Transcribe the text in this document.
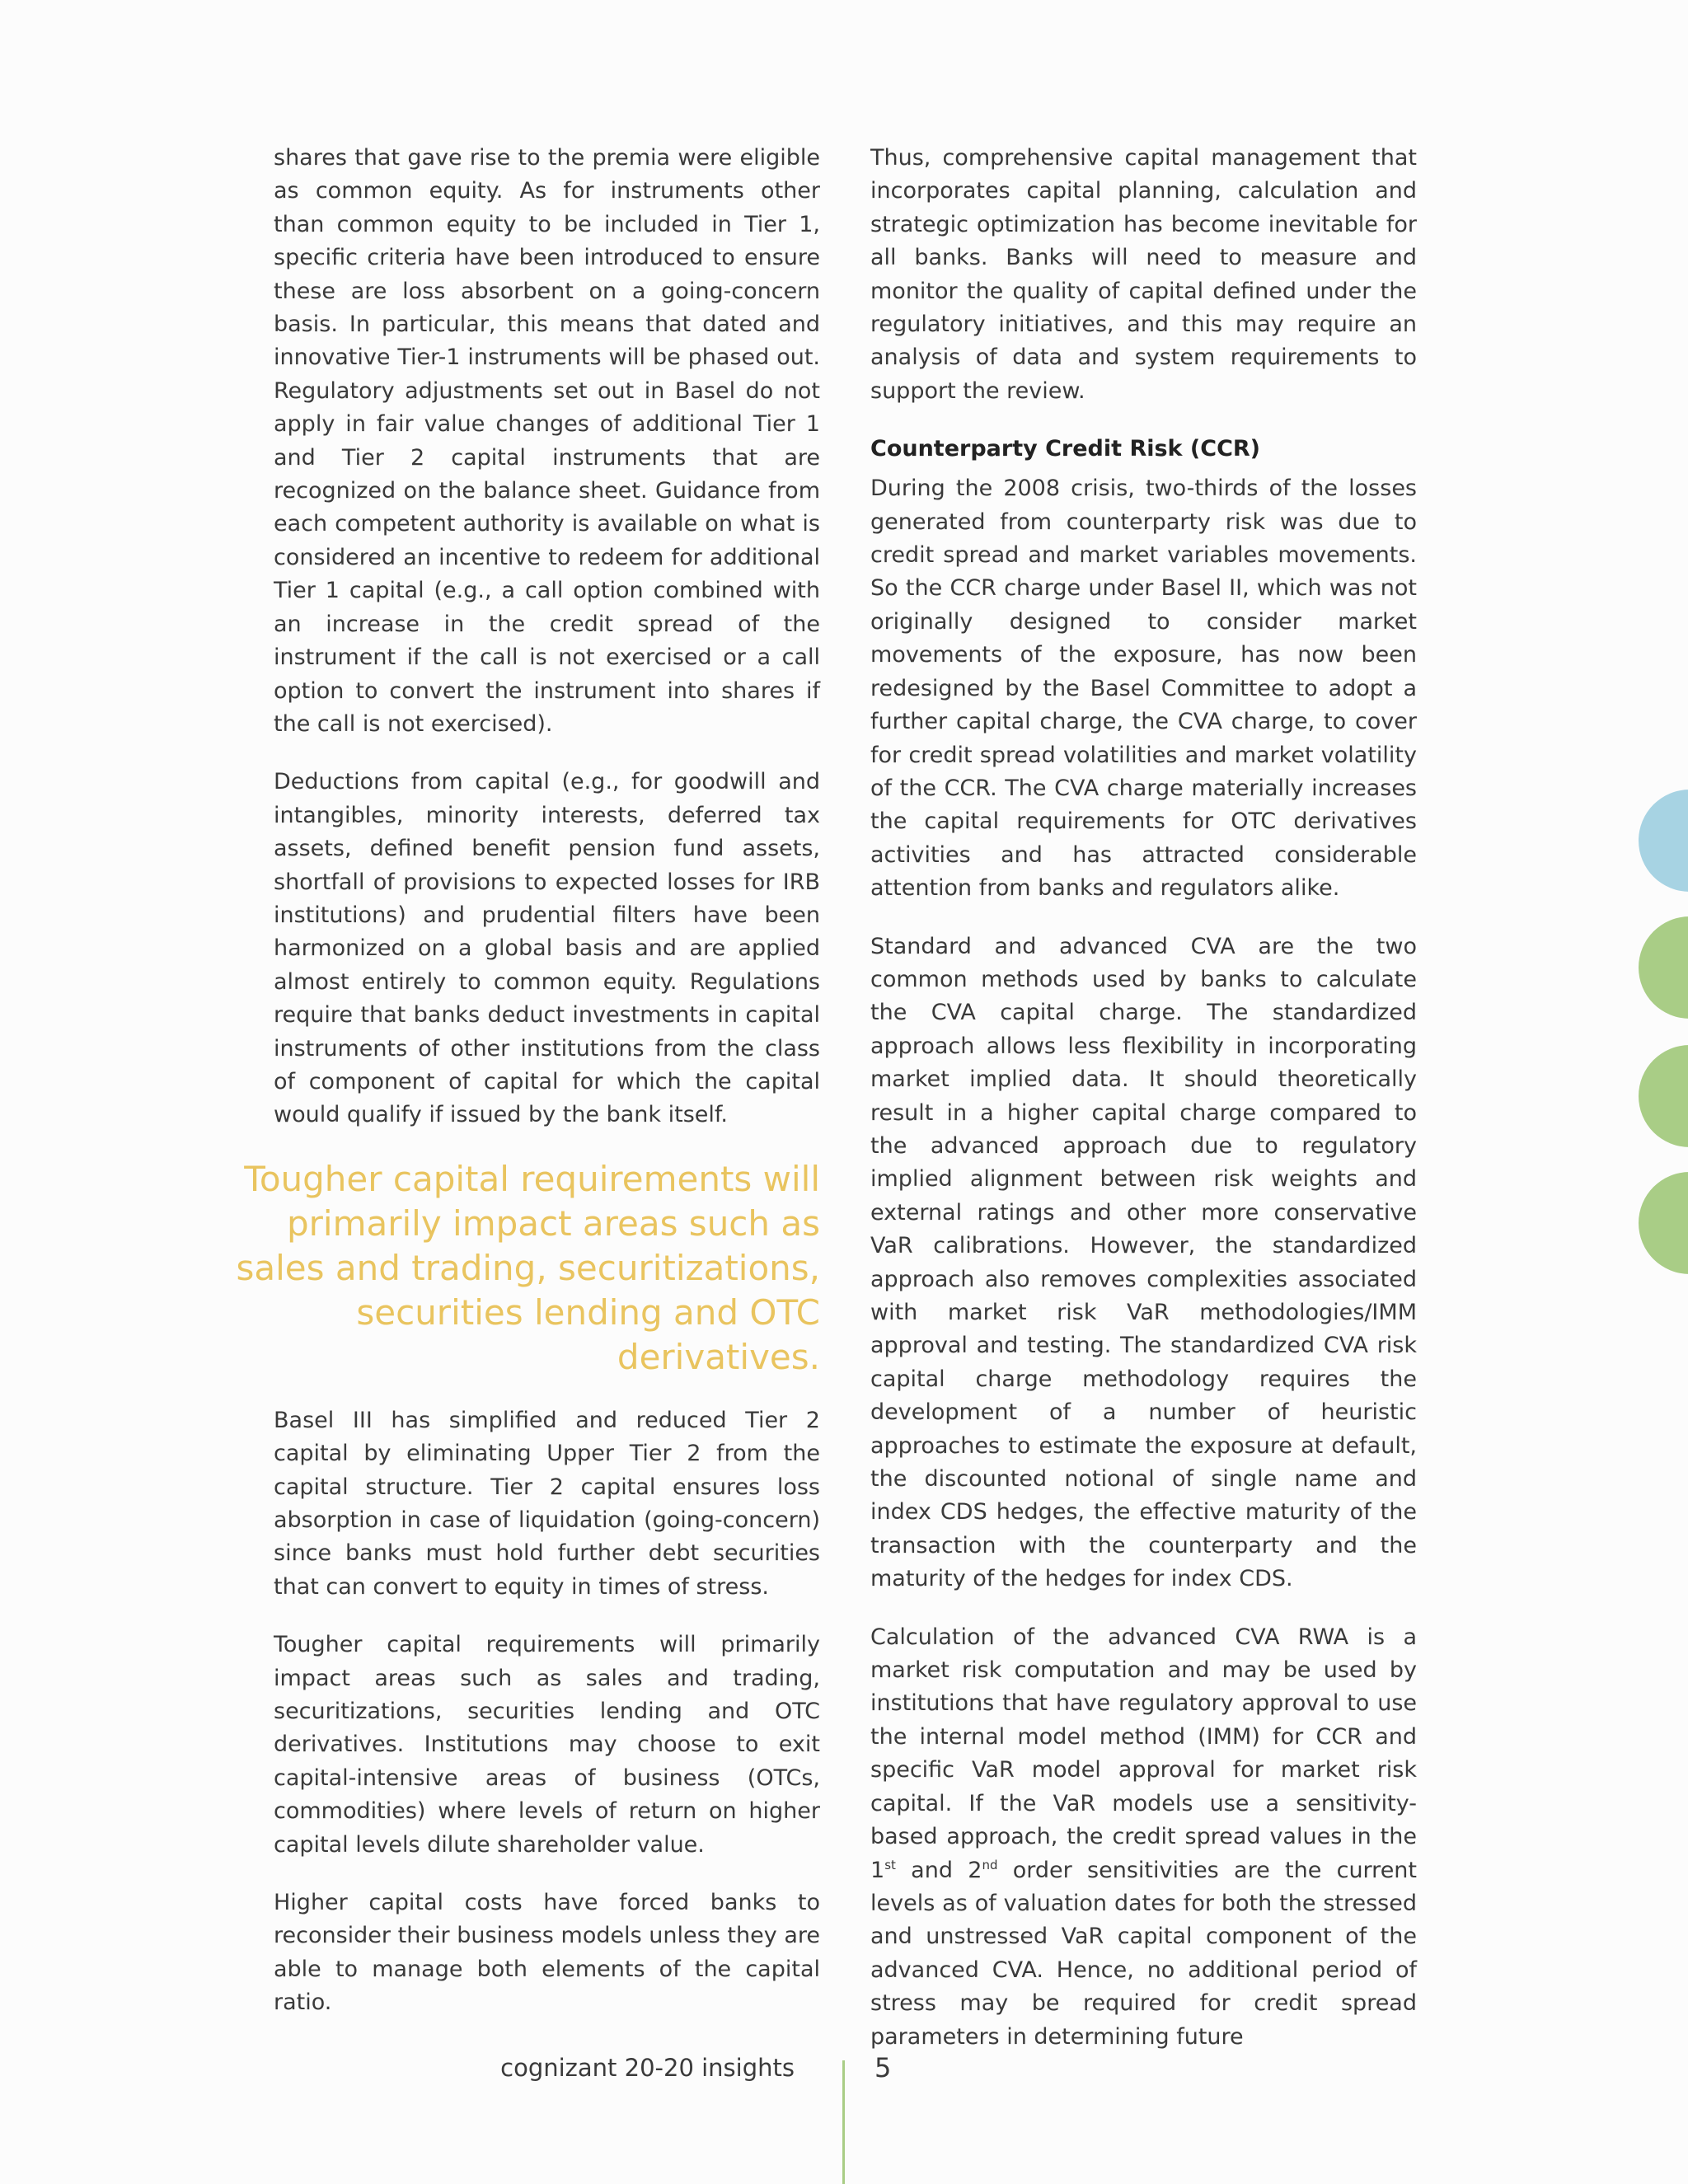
shares that gave rise to the premia were eligible as common equity. As for instruments other than common equity to be included in Tier 1, specific criteria have been introduced to ensure these are loss absorbent on a going-concern basis. In particular, this means that dated and innovative Tier-1 instruments will be phased out. Regulatory adjustments set out in Basel do not apply in fair value changes of additional Tier 1 and Tier 2 capital instruments that are recognized on the balance sheet. Guidance from each competent authority is available on what is considered an incentive to redeem for additional Tier 1 capital (e.g., a call option combined with an increase in the credit spread of the instrument if the call is not exercised or a call option to convert the instrument into shares if the call is not exercised).

Deductions from capital (e.g., for goodwill and intangibles, minority interests, deferred tax assets, defined benefit pension fund assets, shortfall of provisions to expected losses for IRB institutions) and prudential filters have been harmonized on a global basis and are applied almost entirely to common equity. Regulations require that banks deduct investments in capital instruments of other institutions from the class of component of capital for which the capital would qualify if issued by the bank itself.

Tougher capital requirements will primarily impact areas such as sales and trading, securitizations, securities lending and OTC derivatives.

Basel III has simplified and reduced Tier 2 capital by eliminating Upper Tier 2 from the capital structure. Tier 2 capital ensures loss absorption in case of liquidation (going-concern) since banks must hold further debt securities that can convert to equity in times of stress.

Tougher capital requirements will primarily impact areas such as sales and trading, securitizations, securities lending and OTC derivatives. Institutions may choose to exit capital-intensive areas of business (OTCs, commodities) where levels of return on higher capital levels dilute shareholder value.

Higher capital costs have forced banks to reconsider their business models unless they are able to manage both elements of the capital ratio.

Thus, comprehensive capital management that incorporates capital planning, calculation and strategic optimization has become inevitable for all banks. Banks will need to measure and monitor the quality of capital defined under the regulatory initiatives, and this may require an analysis of data and system requirements to support the review.

Counterparty Credit Risk (CCR)

During the 2008 crisis, two-thirds of the losses generated from counterparty risk was due to credit spread and market variables movements. So the CCR charge under Basel II, which was not originally designed to consider market movements of the exposure, has now been redesigned by the Basel Committee to adopt a further capital charge, the CVA charge, to cover for credit spread volatilities and market volatility of the CCR. The CVA charge materially increases the capital requirements for OTC derivatives activities and has attracted considerable attention from banks and regulators alike.

Standard and advanced CVA are the two common methods used by banks to calculate the CVA capital charge. The standardized approach allows less flexibility in incorporating market implied data. It should theoretically result in a higher capital charge compared to the advanced approach due to regulatory implied alignment between risk weights and external ratings and other more conservative VaR calibrations. However, the standardized approach also removes complexities associated with market risk VaR methodologies/IMM approval and testing. The standardized CVA risk capital charge methodology requires the development of a number of heuristic approaches to estimate the exposure at default, the discounted notional of single name and index CDS hedges, the effective maturity of the transaction with the counterparty and the maturity of the hedges for index CDS.

Calculation of the advanced CVA RWA is a market risk computation and may be used by institutions that have regulatory approval to use the internal model method (IMM) for CCR and specific VaR model approval for market risk capital. If the VaR models use a sensitivity-based approach, the credit spread values in the 1st and 2nd order sensitivities are the current levels as of valuation dates for both the stressed and unstressed VaR capital component of the advanced CVA. Hence, no additional period of stress may be required for credit spread parameters in determining future

cognizant 20-20 insights	5
